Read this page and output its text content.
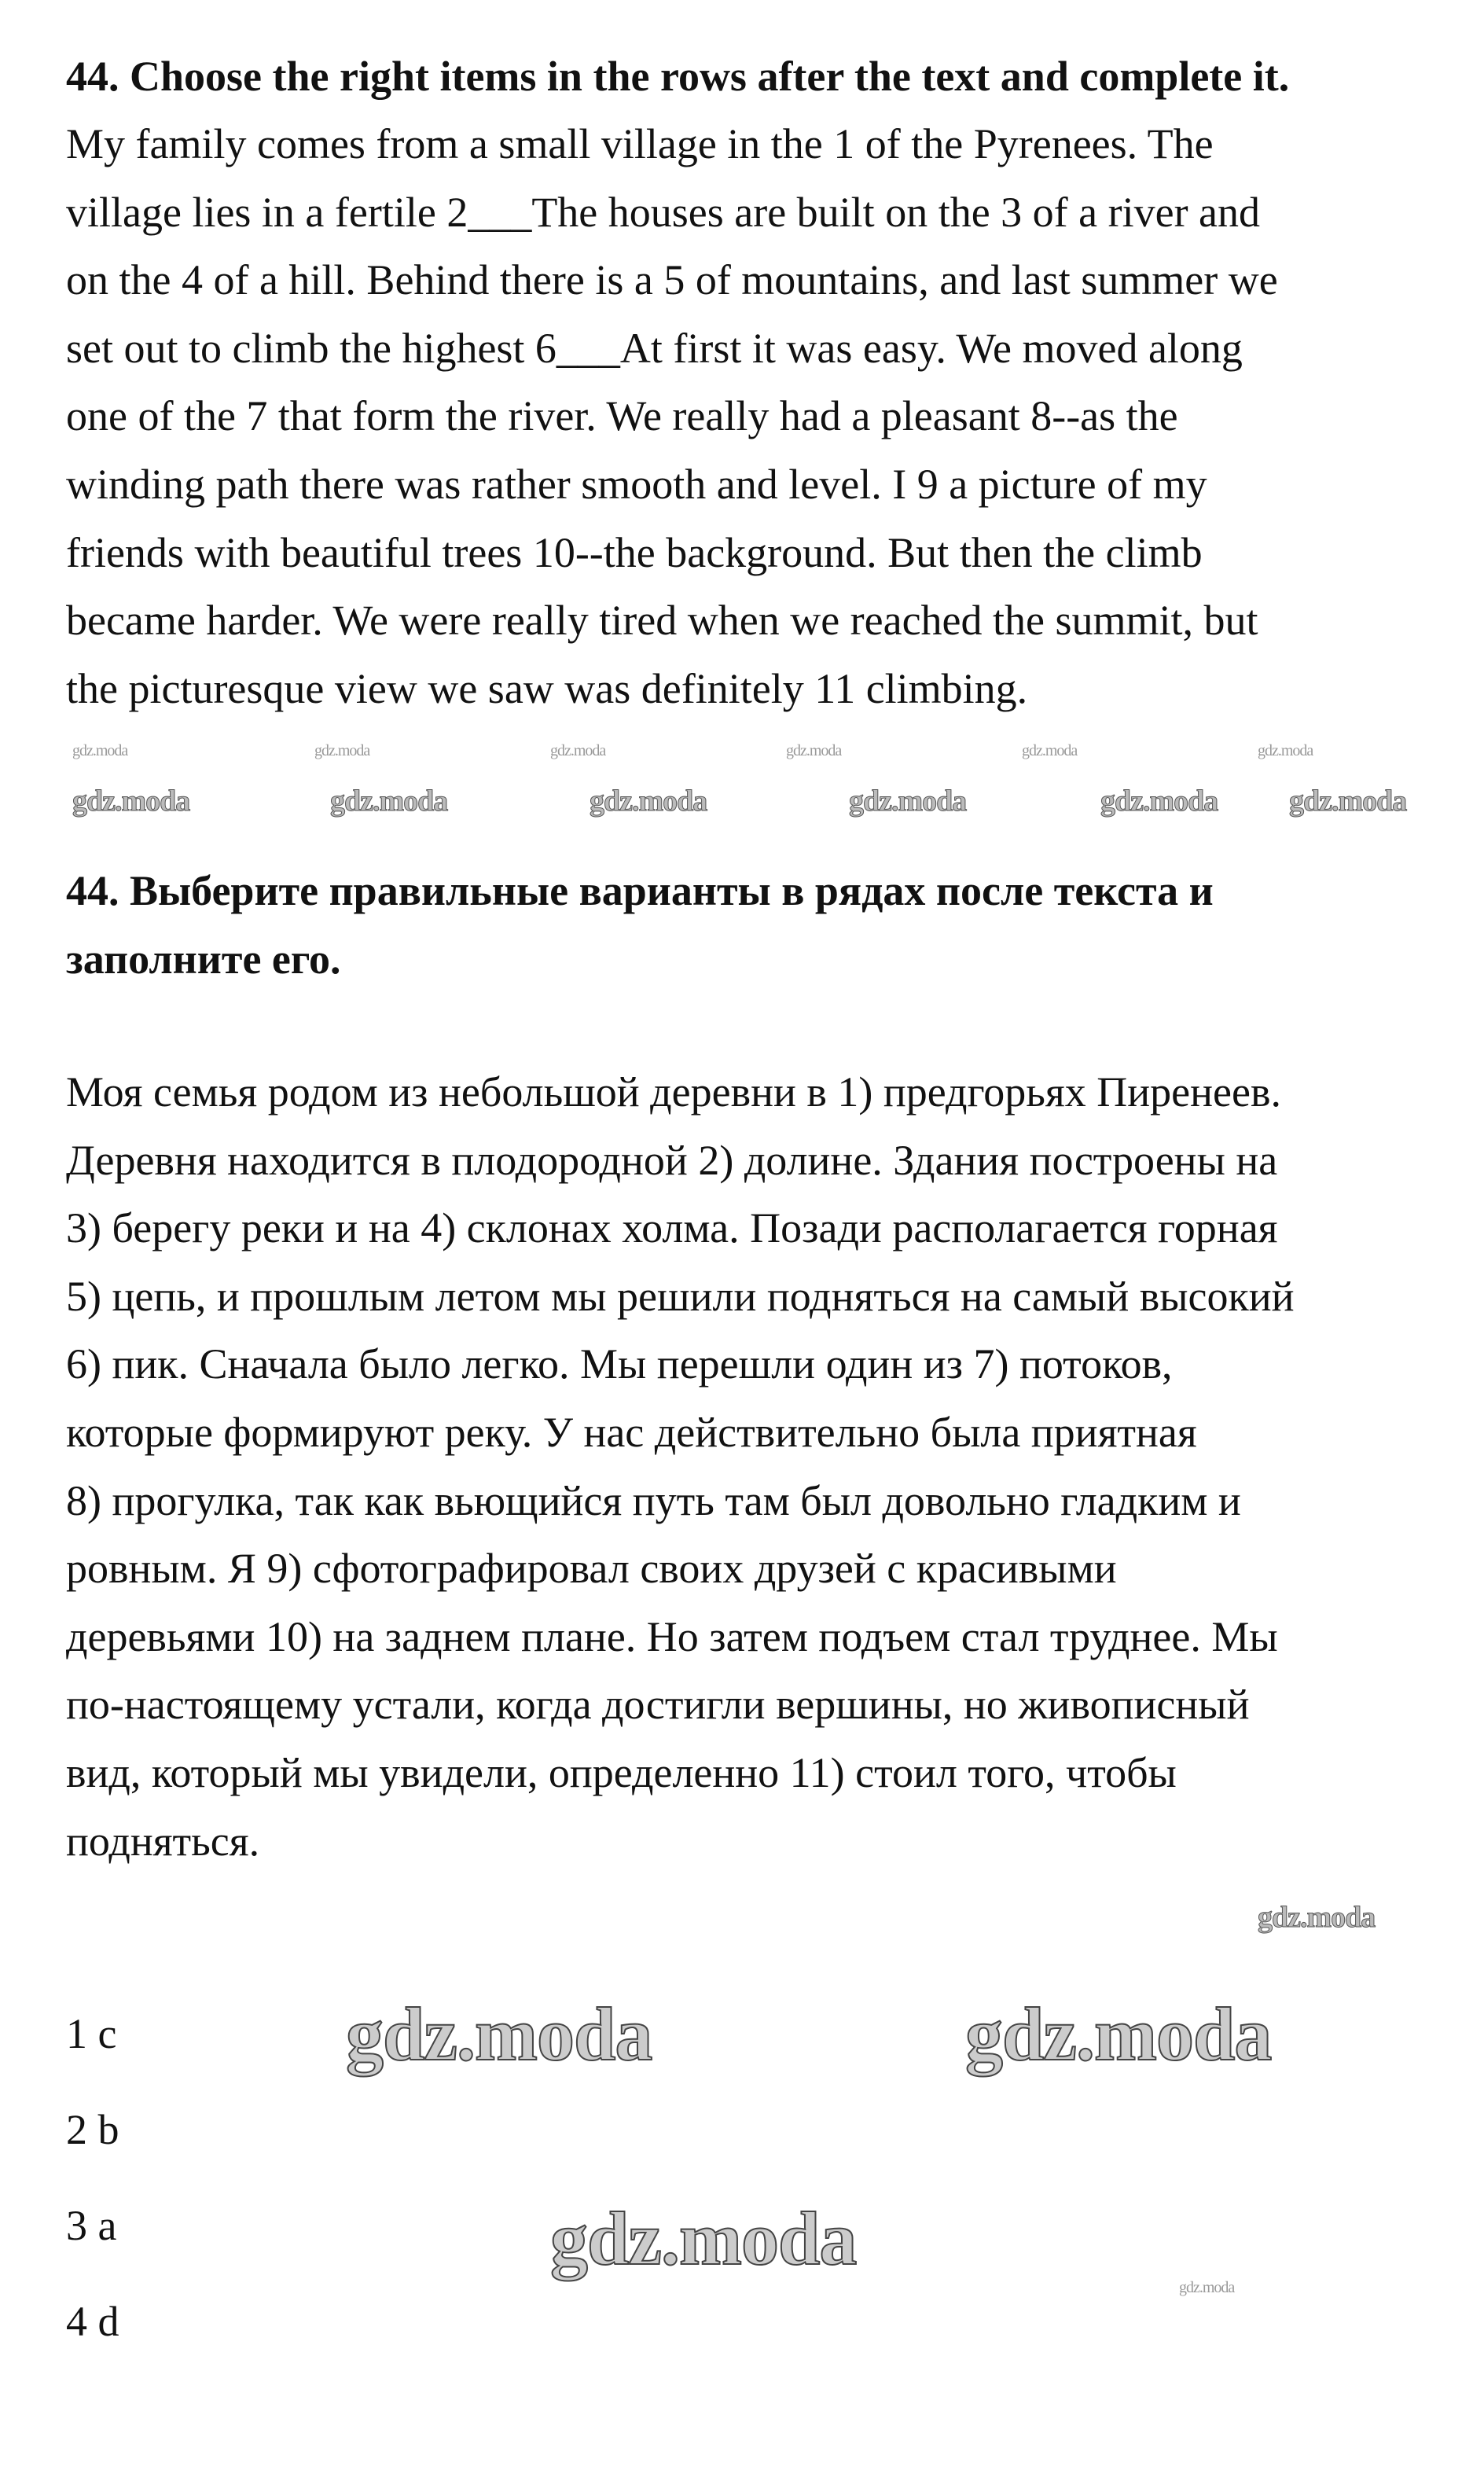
44. Choose the right items in the rows after the text and complete it.
My family comes from a small village in the 1 of the Pyrenees. The
village lies in a fertile 2___The houses are built on the 3 of a river and
on the 4 of a hill. Behind there is a 5 of mountains, and last summer we
set out to climb the highest 6___At first it was easy. We moved along
one of the 7 that form the river. We really had a pleasant 8--as the
winding path there was rather smooth and level. I 9 a picture of my
friends with beautiful trees 10--the background. But then the climb
became harder. We were really tired when we reached the summit, but
the picturesque view we saw was definitely 11 climbing.
44. Выберите правильные варианты в рядах после текста и
заполните его.
Моя семья родом из небольшой деревни в 1) предгорьях Пиренеев.
Деревня находится в плодородной 2) долине. Здания построены на
3) берегу реки и на 4) склонах холма. Позади располагается горная
5) цепь, и прошлым летом мы решили подняться на самый высокий
6) пик. Сначала было легко. Мы перешли один из 7) потоков,
которые формируют реку. У нас действительно была приятная
8) прогулка, так как вьющийся путь там был довольно гладким и
ровным. Я 9) сфотографировал своих друзей с красивыми
деревьями 10) на заднем плане. Но затем подъем стал труднее. Мы
по-настоящему устали, когда достигли вершины, но живописный
вид, который мы увидели, определенно 11) стоил того, чтобы
подняться.
1 c
2 b
3 a
4 d
gdz.moda	gdz.moda	gdz.moda	gdz.moda	gdz.moda	gdz.moda
gdz.moda	gdz.moda	gdz.moda	gdz.moda	gdz.moda gdz.moda
gdz.moda
gdz.moda	gdz.moda
gdz.moda
gdz.moda
